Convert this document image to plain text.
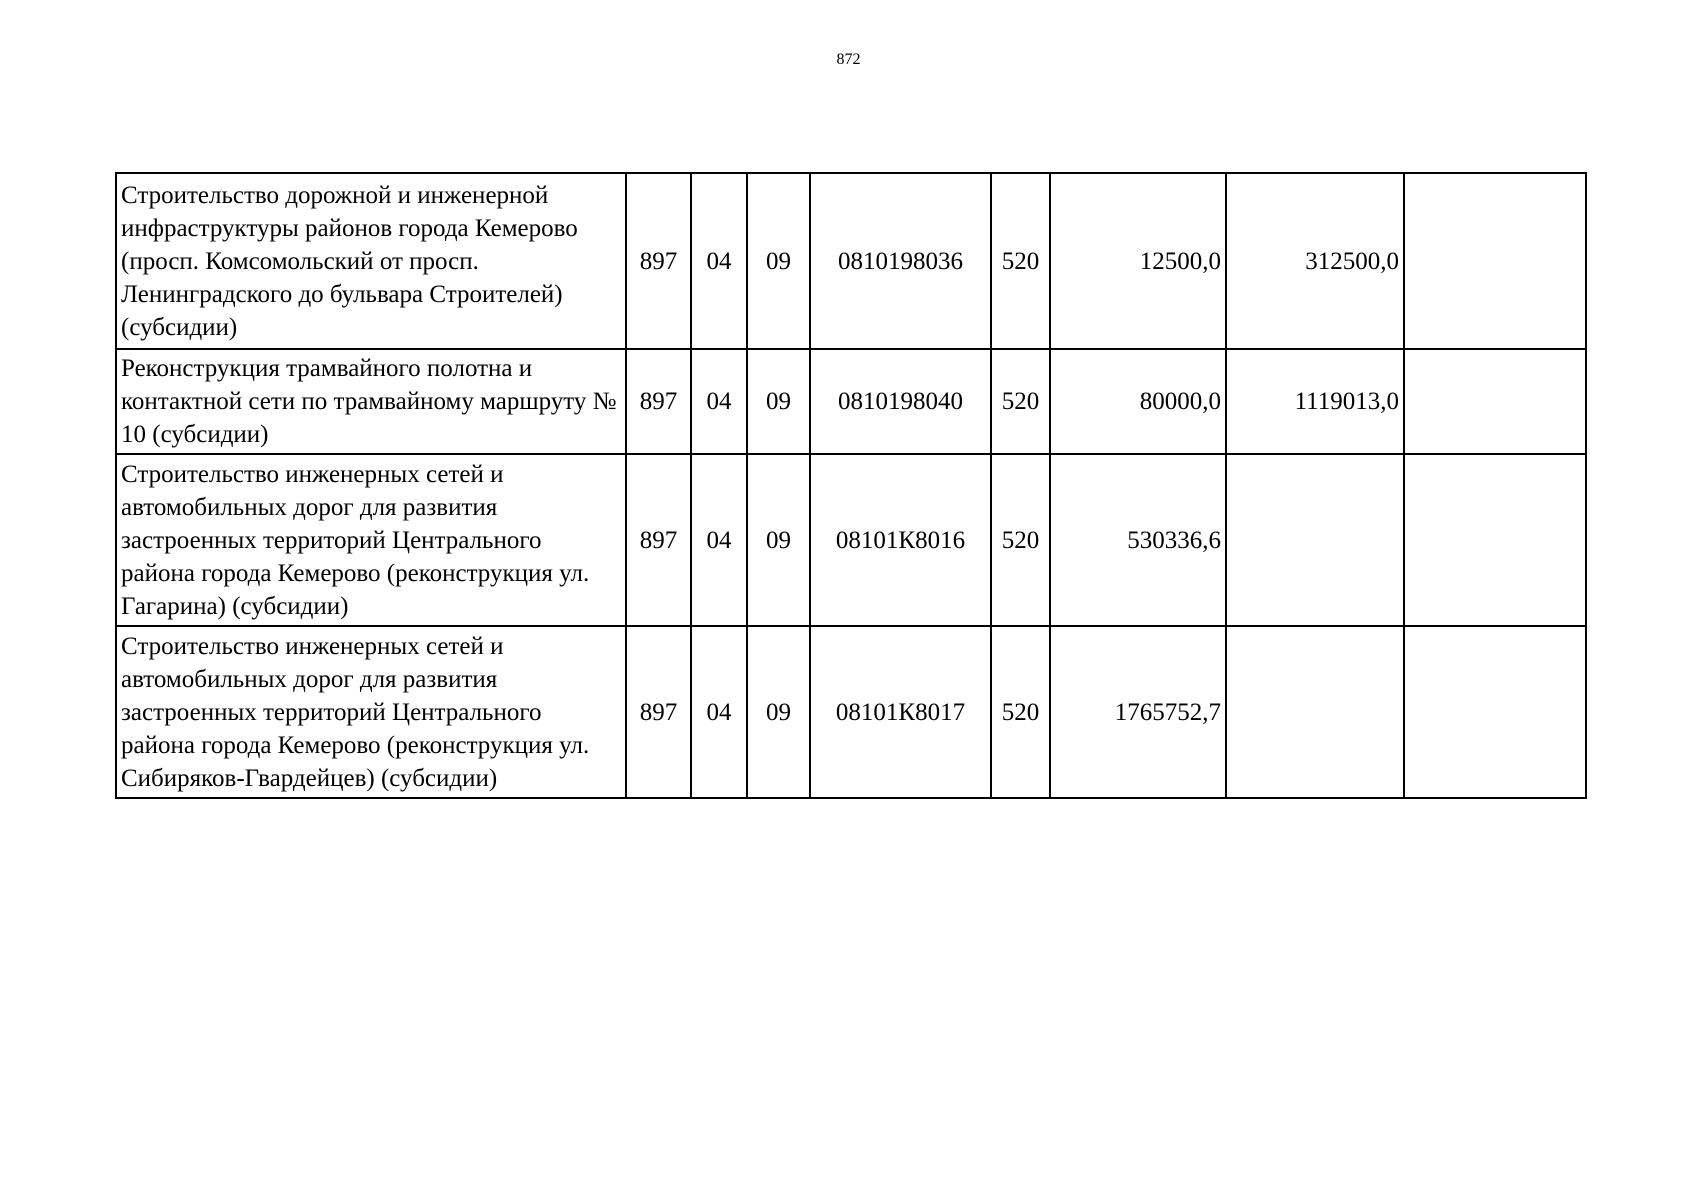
872
Строительство дорожной и инженерной инфраструктуры районов города Кемерово (просп. Комсомольский от просп. Ленинградского до бульвара Строителей) (субсидии)	897	04	09	0810198036	520	12500,0	312500,0	
Реконструкция трамвайного полотна и контактной сети по трамвайному маршруту № 10 (субсидии)	897	04	09	0810198040	520	80000,0	1119013,0	
Строительство инженерных сетей и автомобильных дорог для развития застроенных территорий Центрального района города Кемерово (реконструкция ул. Гагарина) (субсидии)	897	04	09	08101К8016	520	530336,6		
Строительство инженерных сетей и автомобильных дорог для развития застроенных территорий Центрального района города Кемерово (реконструкция ул. Сибиряков-Гвардейцев) (субсидии)	897	04	09	08101К8017	520	1765752,7		
